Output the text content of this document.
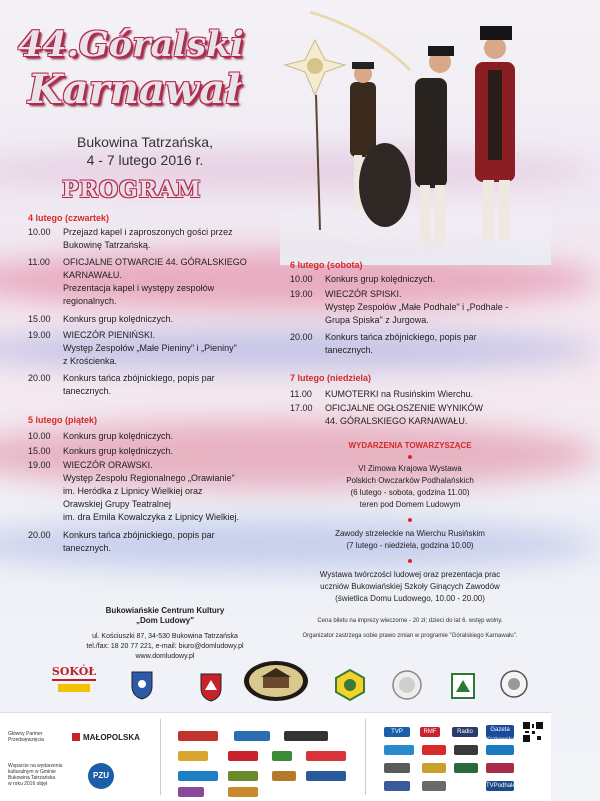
44.Góralski
Karnawał
Bukowina Tatrzańska,
4 - 7 lutego 2016 r.
PROGRAM
4 lutego (czwartek)
10.00	Przejazd kapel i zaproszonych gości przez
Bukowinę Tatrzańską.
11.00	OFICJALNE OTWARCIE 44. GÓRALSKIEGO
KARNAWAŁU.
Prezentacja kapel i występy zespołów
regionalnych.
15.00	Konkurs grup kolędniczych.
19.00	WIECZÓR PIENIŃSKI.
Występ Zespołów „Małe Pieniny" i „Pieniny"
z Krościenka.
20.00	Konkurs tańca zbójnickiego, popis par
tanecznych.
5 lutego (piątek)
10.00	Konkurs grup kolędniczych.
15.00	Konkurs grup kolędniczych.
19.00	WIECZÓR ORAWSKI.
Występ Zespołu Regionalnego „Orawianie"
im. Heródka z Lipnicy Wielkiej oraz
Orawskiej Grupy Teatralnej
im. dra Emila Kowalczyka z Lipnicy Wielkiej.
20.00	Konkurs tańca zbójnickiego, popis par
tanecznych.
6 lutego (sobota)
10.00	Konkurs grup kolędniczych.
19.00	WIECZÓR SPISKI.
Występ Zespołów „Małe Podhale" i „Podhale -
Grupa Spiska" z Jurgowa.
20.00	Konkurs tańca zbójnickiego, popis par
tanecznych.
7 lutego (niedziela)
11.00	KUMOTERKI na Rusińskim Wierchu.
17.00	OFICJALNE OGŁOSZENIE WYNIKÓW
44. GÓRALSKIEGO KARNAWAŁU.
WYDARZENIA TOWARZYSZĄCE
VI Zimowa Krajowa Wystawa
Polskich Owczarków Podhalańskich
(6 lutego - sobota, godzina 11.00)
teren pod Domem Ludowym
Zawody strzeleckie na Wierchu Rusińskim
(7 lutego - niedziela, godzina 10.00)
Wystawa twórczości ludowej oraz prezentacja prac
uczniów Bukowiańskiej Szkoły Ginących Zawodów
(świetlica Domu Ludowego, 10.00 - 20.00)
Cena biletu na imprezy wieczorne - 20 zł; dzieci do lat 6. wstęp wolny.
Organizator zastrzega sobie prawo zmian w programie "Góralskiego Karnawału".
Bukowiańskie Centrum Kultury
„Dom Ludowy"
ul. Kościuszki 87, 34-530 Bukowina Tatrzańska
tel./fax: 18 20 77 221, e-mail: biuro@domludowy.pl
www.domludowy.pl
SOKÓŁ
Główny Partner
Przedsięwzięcia	MAŁOPOLSKA
Wsparcie na wydarzeniu
kulturalnym w Gminie
Bukowina Tatrzańska
w roku 2016 objęł
PZU
TVP Kraków
RMF	Radio Kraków
Gazeta Krakowska
TVPodhale
